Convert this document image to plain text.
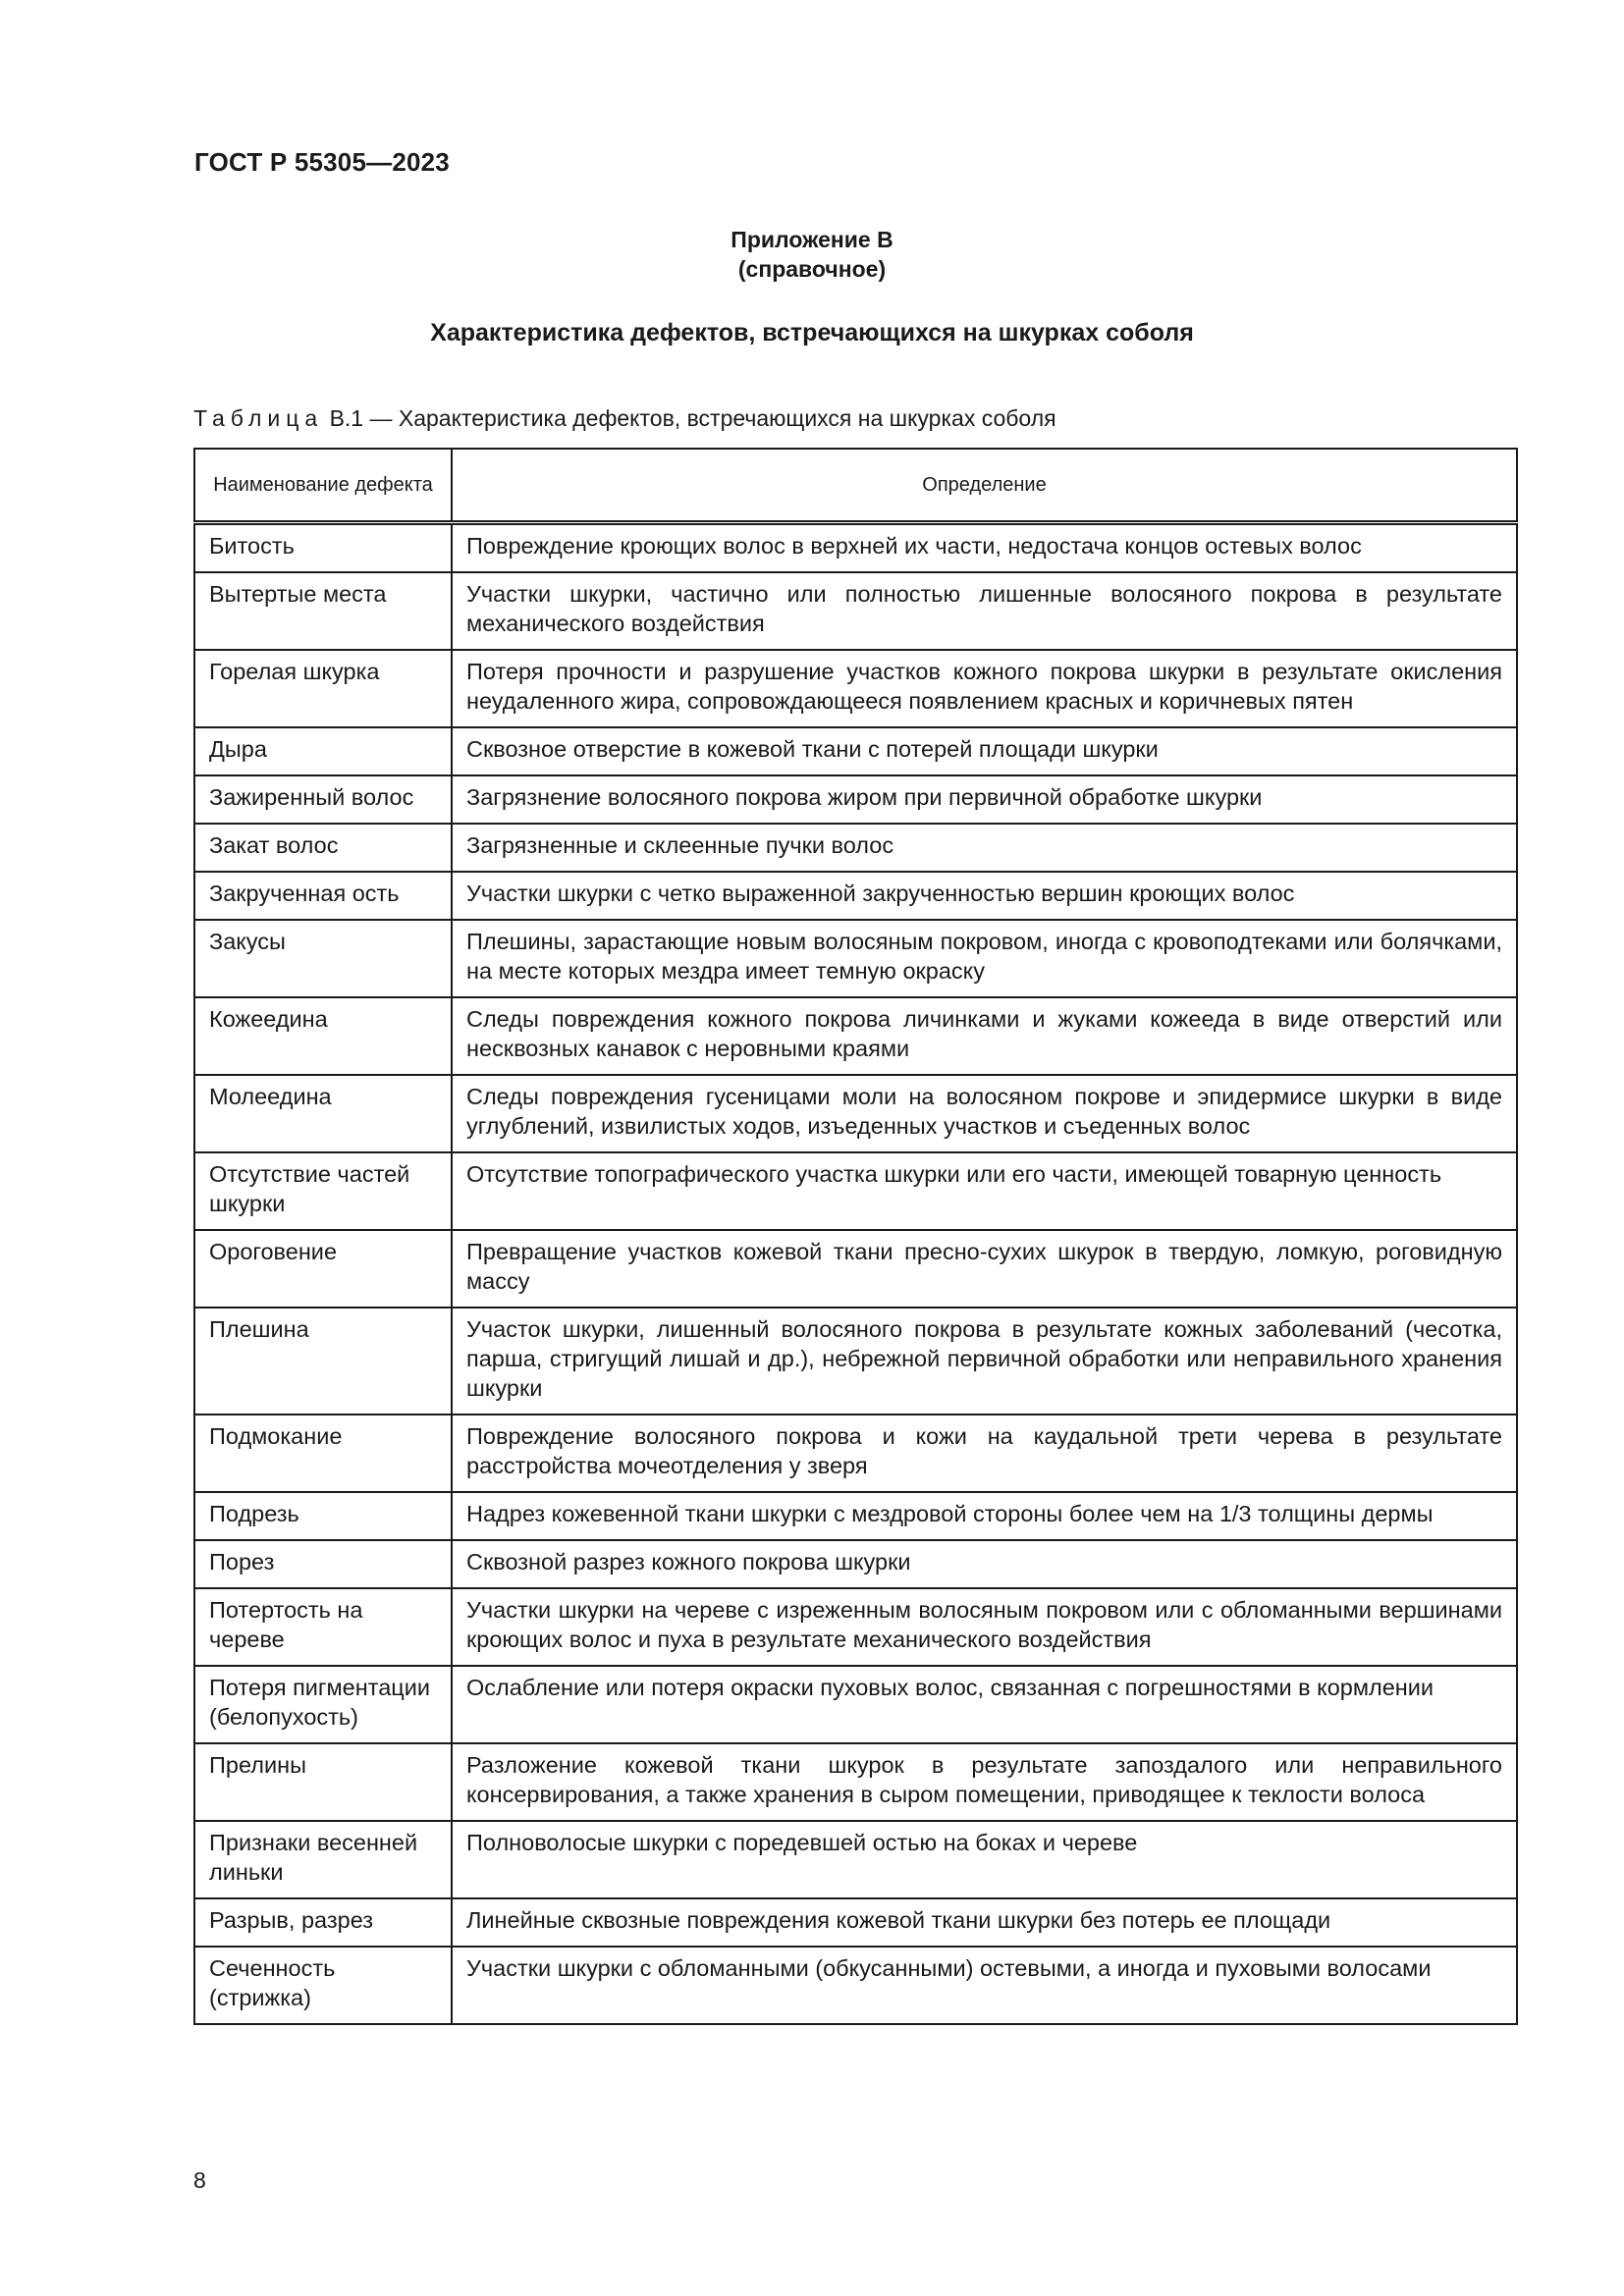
ГОСТ Р 55305—2023
Приложение В
(справочное)
Характеристика дефектов, встречающихся на шкурках соболя
Таблица В.1 — Характеристика дефектов, встречающихся на шкурках соболя
Наименование дефекта	Определение
Битость	Повреждение кроющих волос в верхней их части, недостача концов остевых волос
Вытертые места	Участки шкурки, частично или полностью лишенные волосяного покрова в результате механического воздействия
Горелая шкурка	Потеря прочности и разрушение участков кожного покрова шкурки в результате окисления неудаленного жира, сопровождающееся появлением красных и коричневых пятен
Дыра	Сквозное отверстие в кожевой ткани с потерей площади шкурки
Зажиренный волос	Загрязнение волосяного покрова жиром при первичной обработке шкурки
Закат волос	Загрязненные и склеенные пучки волос
Закрученная ость	Участки шкурки с четко выраженной закрученностью вершин кроющих волос
Закусы	Плешины, зарастающие новым волосяным покровом, иногда с кровоподтеками или болячками, на месте которых мездра имеет темную окраску
Кожеедина	Следы повреждения кожного покрова личинками и жуками кожееда в виде отверстий или несквозных канавок с неровными краями
Молеедина	Следы повреждения гусеницами моли на волосяном покрове и эпидермисе шкурки в виде углублений, извилистых ходов, изъеденных участков и съеденных волос
Отсутствие частей шкурки	Отсутствие топографического участка шкурки или его части, имеющей товарную ценность
Ороговение	Превращение участков кожевой ткани пресно-сухих шкурок в твердую, ломкую, роговидную массу
Плешина	Участок шкурки, лишенный волосяного покрова в результате кожных заболеваний (чесотка, парша, стригущий лишай и др.), небрежной первичной обработки или неправильного хранения шкурки
Подмокание	Повреждение волосяного покрова и кожи на каудальной трети черева в результате расстройства мочеотделения у зверя
Подрезь	Надрез кожевенной ткани шкурки с мездровой стороны более чем на 1/3 толщины дермы
Порез	Сквозной разрез кожного покрова шкурки
Потертость на череве	Участки шкурки на череве с изреженным волосяным покровом или с обломанными вершинами кроющих волос и пуха в результате механического воздействия
Потеря пигментации (белопухость)	Ослабление или потеря окраски пуховых волос, связанная с погрешностями в кормлении
Прелины	Разложение кожевой ткани шкурок в результате запоздалого или неправильного консервирования, а также хранения в сыром помещении, приводящее к теклости волоса
Признаки весенней линьки	Полноволосые шкурки с поредевшей остью на боках и череве
Разрыв, разрез	Линейные сквозные повреждения кожевой ткани шкурки без потерь ее площади
Сеченность (стрижка)	Участки шкурки с обломанными (обкусанными) остевыми, а иногда и пуховыми волосами
8
